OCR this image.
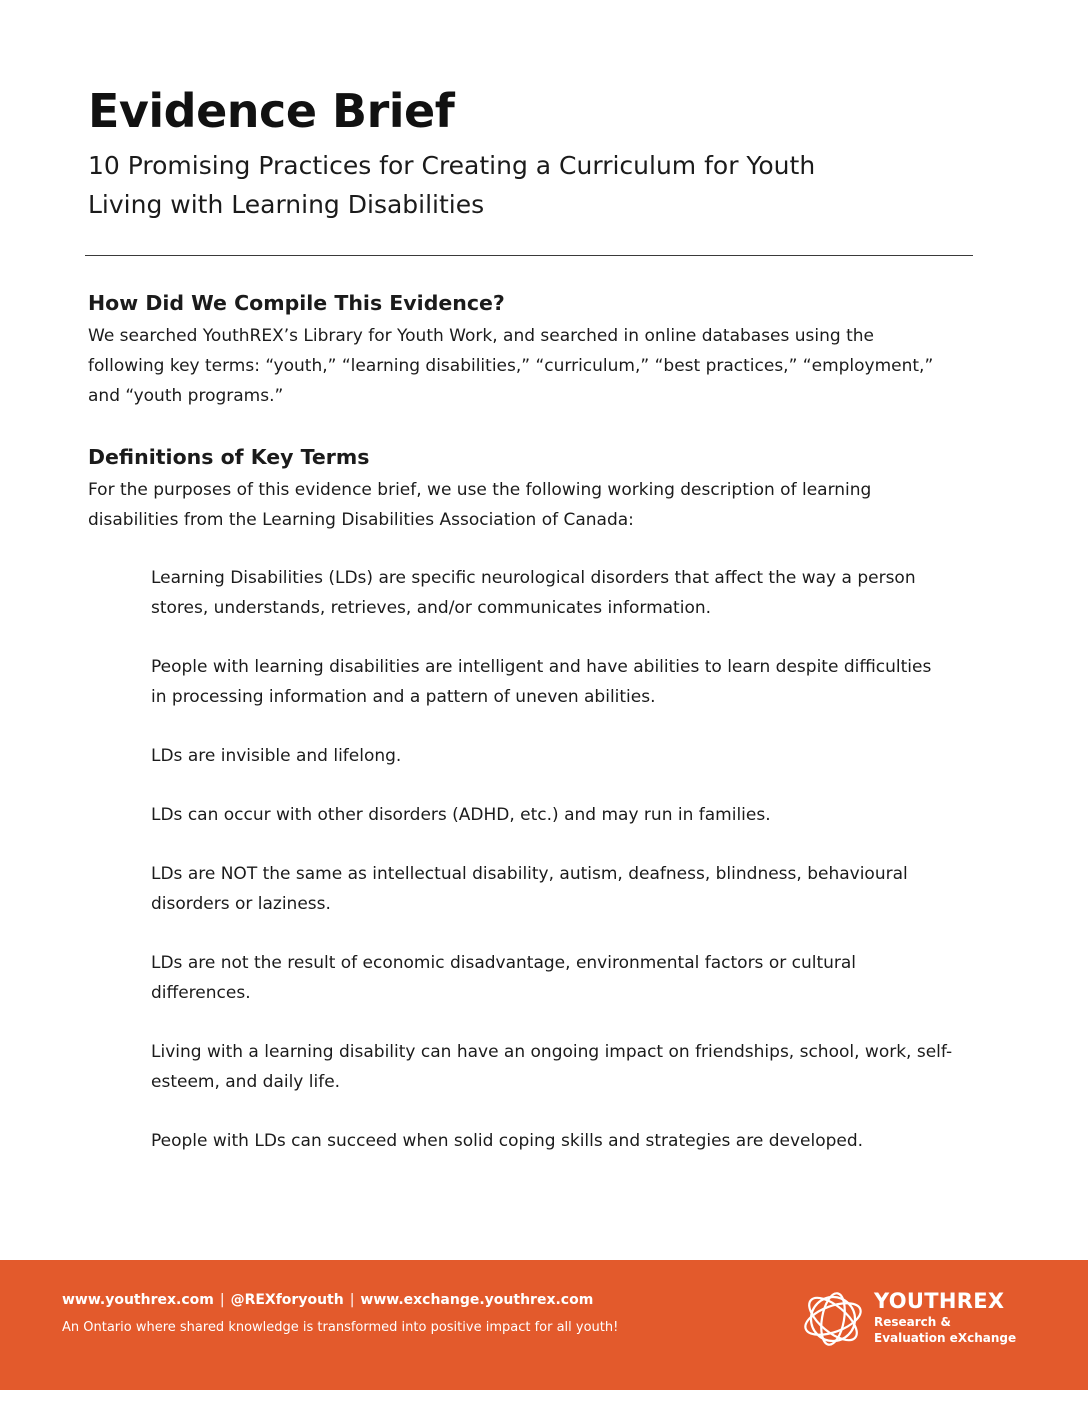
Evidence Brief
10 Promising Practices for Creating a Curriculum for Youth
Living with Learning Disabilities
How Did We Compile This Evidence?

We searched YouthREX’s Library for Youth Work, and searched in online databases using the
following key terms: “youth,” “learning disabilities,” “curriculum,” “best practices,” “employment,”
and “youth programs.”

Definitions of Key Terms

For the purposes of this evidence brief, we use the following working description of learning
disabilities from the Learning Disabilities Association of Canada:

Learning Disabilities (LDs) are specific neurological disorders that affect the way a person
stores, understands, retrieves, and/or communicates information.

People with learning disabilities are intelligent and have abilities to learn despite difficulties
in processing information and a pattern of uneven abilities.

LDs are invisible and lifelong.

LDs can occur with other disorders (ADHD, etc.) and may run in families.

LDs are NOT the same as intellectual disability, autism, deafness, blindness, behavioural
disorders or laziness.

LDs are not the result of economic disadvantage, environmental factors or cultural
differences.

Living with a learning disability can have an ongoing impact on friendships, school, work, self-
esteem, and daily life.

People with LDs can succeed when solid coping skills and strategies are developed.

www.youthrex.com | @REXforyouth | www.exchange.youthrex.com

An Ontario where shared knowledge is transformed into positive impact for all youth!

YOUTHREX

Research &
Evaluation eXchange
